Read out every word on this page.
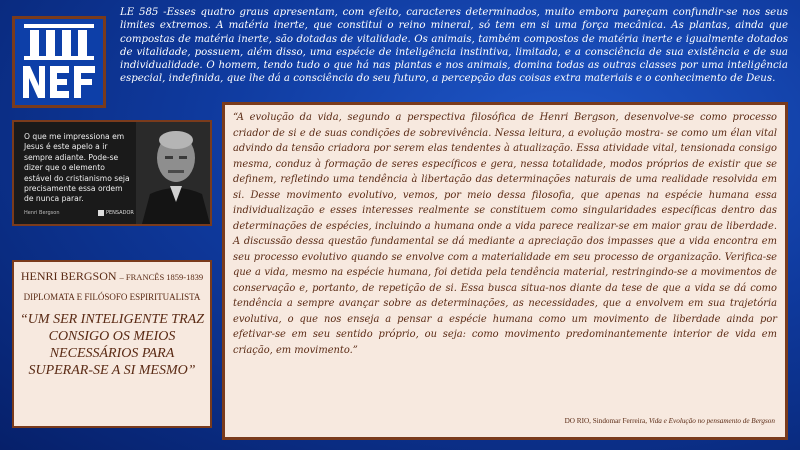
LE 585 -Esses quatro graus apresentam, com efeito, caracteres determinados, muito embora pareçam confundir-se nos seus limites extremos. A matéria inerte, que constitui o reino mineral, só tem em si uma força mecânica. As plantas, ainda que compostas de matéria inerte, são dotadas de vitalidade. Os animais, também compostos de matéria inerte e igualmente dotados de vitalidade, possuem, além disso, uma espécie de inteligência instintiva, limitada, e a consciência de sua existência e de sua individualidade. O homem, tendo tudo o que há nas plantas e nos animais, domina todas as outras classes por uma inteligência especial, indefinida, que lhe dá a consciência do seu futuro, a percepção das coisas extra materiais e o conhecimento de Deus.

O que me impressiona em Jesus é este apelo a ir sempre adiante. Pode-se dizer que o elemento estável do cristianismo seja precisamente essa ordem de nunca parar.

Henri Bergson	PENSADOR

HENRI BERGSON – FRANCÊS 1859-1839

DIPLOMATA E FILÓSOFO ESPIRITUALISTA

“UM SER INTELIGENTE TRAZ CONSIGO OS MEIOS NECESSÁRIOS PARA SUPERAR-SE A SI MESMO”

“A evolução da vida, segundo a perspectiva filosófica de Henri Bergson, desenvolve-se como processo criador de si e de suas condições de sobrevivência. Nessa leitura, a evolução mostra- se como um élan vital advindo da tensão criadora por serem elas tendentes à atualização. Essa atividade vital, tensionada consigo mesma, conduz à formação de seres específicos e gera, nessa totalidade, modos próprios de existir que se definem, refletindo uma tendência à libertação das determinações naturais de uma realidade resolvida em si. Desse movimento evolutivo, vemos, por meio dessa filosofia, que apenas na espécie humana essa individualização e esses interesses realmente se constituem como singularidades específicas dentro das determinações de espécies, incluindo a humana onde a vida parece realizar-se em maior grau de liberdade. A discussão dessa questão fundamental se dá mediante a apreciação dos impasses que a vida encontra em seu processo evolutivo quando se envolve com a materialidade em seu processo de organização. Verifica-se que a vida, mesmo na espécie humana, foi detida pela tendência material, restringindo-se a movimentos de conservação e, portanto, de repetição de si. Essa busca situa-nos diante da tese de que a vida se dá como tendência a sempre avançar sobre as determinações, as necessidades, que a envolvem em sua trajetória evolutiva, o que nos enseja a pensar a espécie humana como um movimento de liberdade ainda por efetivar-se em seu sentido próprio, ou seja: como movimento predominantemente interior de vida em criação, em movimento.”

DO RIO, Sindomar Ferreira, Vida e Evolução no pensamento de Bergson
